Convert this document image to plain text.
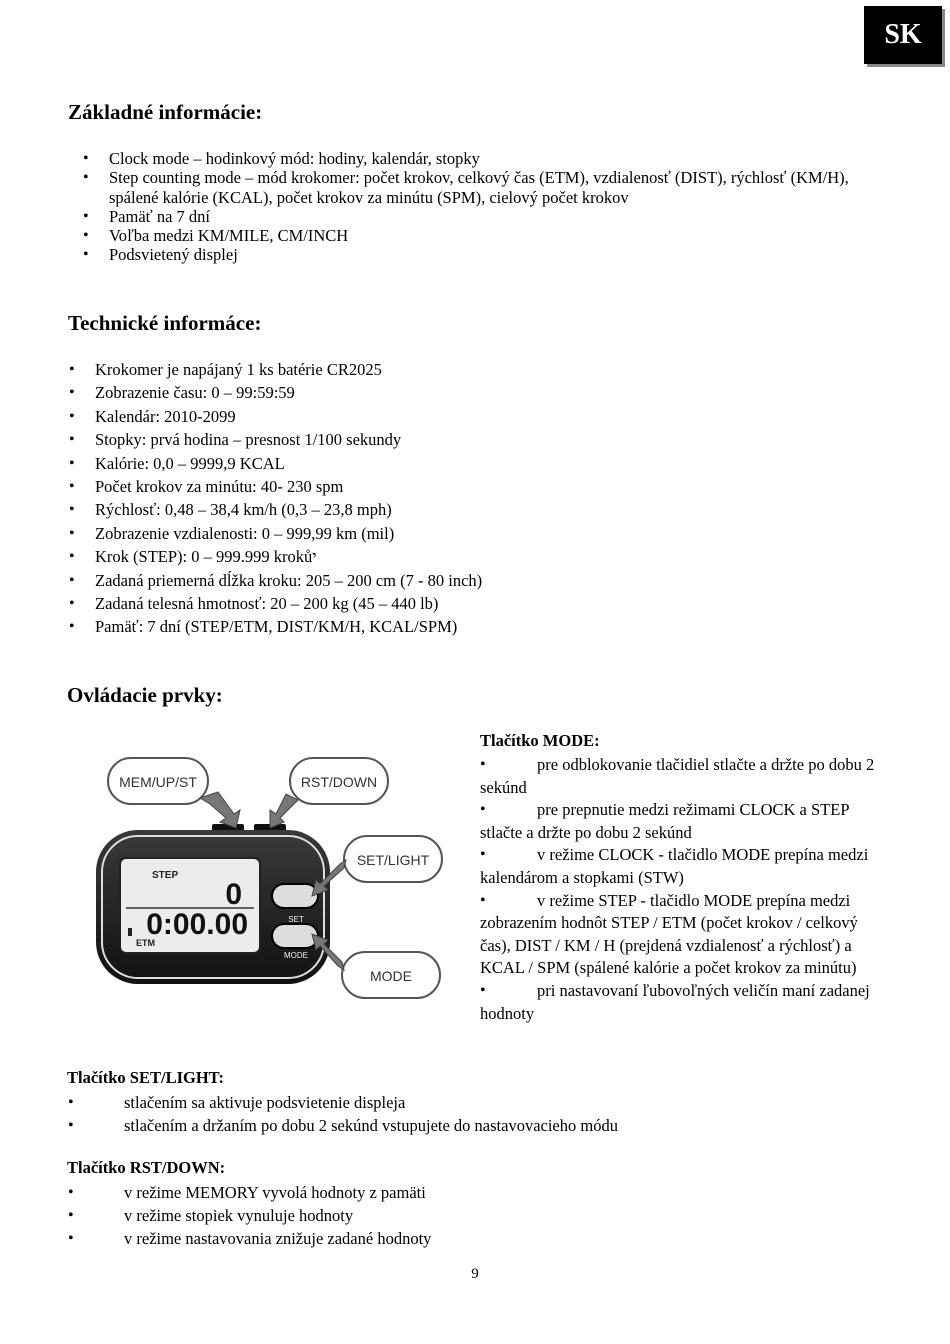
SK
Základné informácie:
• Clock mode – hodinkový mód: hodiny, kalendár, stopky
• Step counting mode – mód krokomer: počet krokov, celkový čas (ETM), vzdialenosť (DIST), rýchlosť (KM/H), spálené kalórie (KCAL), počet krokov za minútu (SPM), cielový počet krokov
• Pamäť na 7 dní
• Voľba medzi KM/MILE, CM/INCH
• Podsvietený displej
Technické informáce:
• Krokomer je napájaný 1 ks batérie CR2025
• Zobrazenie času: 0 – 99:59:59
• Kalendár: 2010-2099
• Stopky: prvá hodina – presnost 1/100 sekundy
• Kalórie: 0,0 – 9999,9 KCAL
• Počet krokov za minútu: 40- 230 spm
• Rýchlosť: 0,48 – 38,4 km/h (0,3 – 23,8 mph)
• Zobrazenie vzdialenosti: 0 – 999,99 km (mil)
• Krok (STEP): 0 – 999.999 krokůי
• Zadaná priemerná dĺžka kroku: 205 – 200 cm (7 - 80 inch)
• Zadaná telesná hmotnosť: 20 – 200 kg (45 – 440 lb)
• Pamäť: 7 dní (STEP/ETM, DIST/KM/H, KCAL/SPM)
Ovládacie prvky:
STEP
0
0:00.00
ETM
SET
MODE
MEM/UP/ST	RST/DOWN
SET/LIGHT
MODE

Tlačítko MODE:

• pre odblokovanie tlačidiel stlačte a držte po dobu 2 sekúnd
• pre prepnutie medzi režimami CLOCK a STEP stlačte a držte po dobu 2 sekúnd
• v režime CLOCK - tlačidlo MODE prepína medzi kalendárom a stopkami (STW)
• v režime STEP - tlačidlo MODE prepína medzi zobrazením hodnôt STEP / ETM (počet krokov / celkový čas), DIST / KM / H (prejdená vzdialenosť a rýchlosť) a KCAL / SPM (spálené kalórie a počet krokov za minútu)
• pri nastavovaní ľubovoľných veličín maní zadanej hodnoty

Tlačítko SET/LIGHT:

• stlačením sa aktivuje podsvietenie displeja
• stlačením a držaním po dobu 2 sekúnd vstupujete do nastavovacieho módu

Tlačítko RST/DOWN:

• v režime MEMORY vyvolá hodnoty z pamäti
• v režime stopiek vynuluje hodnoty
• v režime nastavovania znižuje zadané hodnoty
9
